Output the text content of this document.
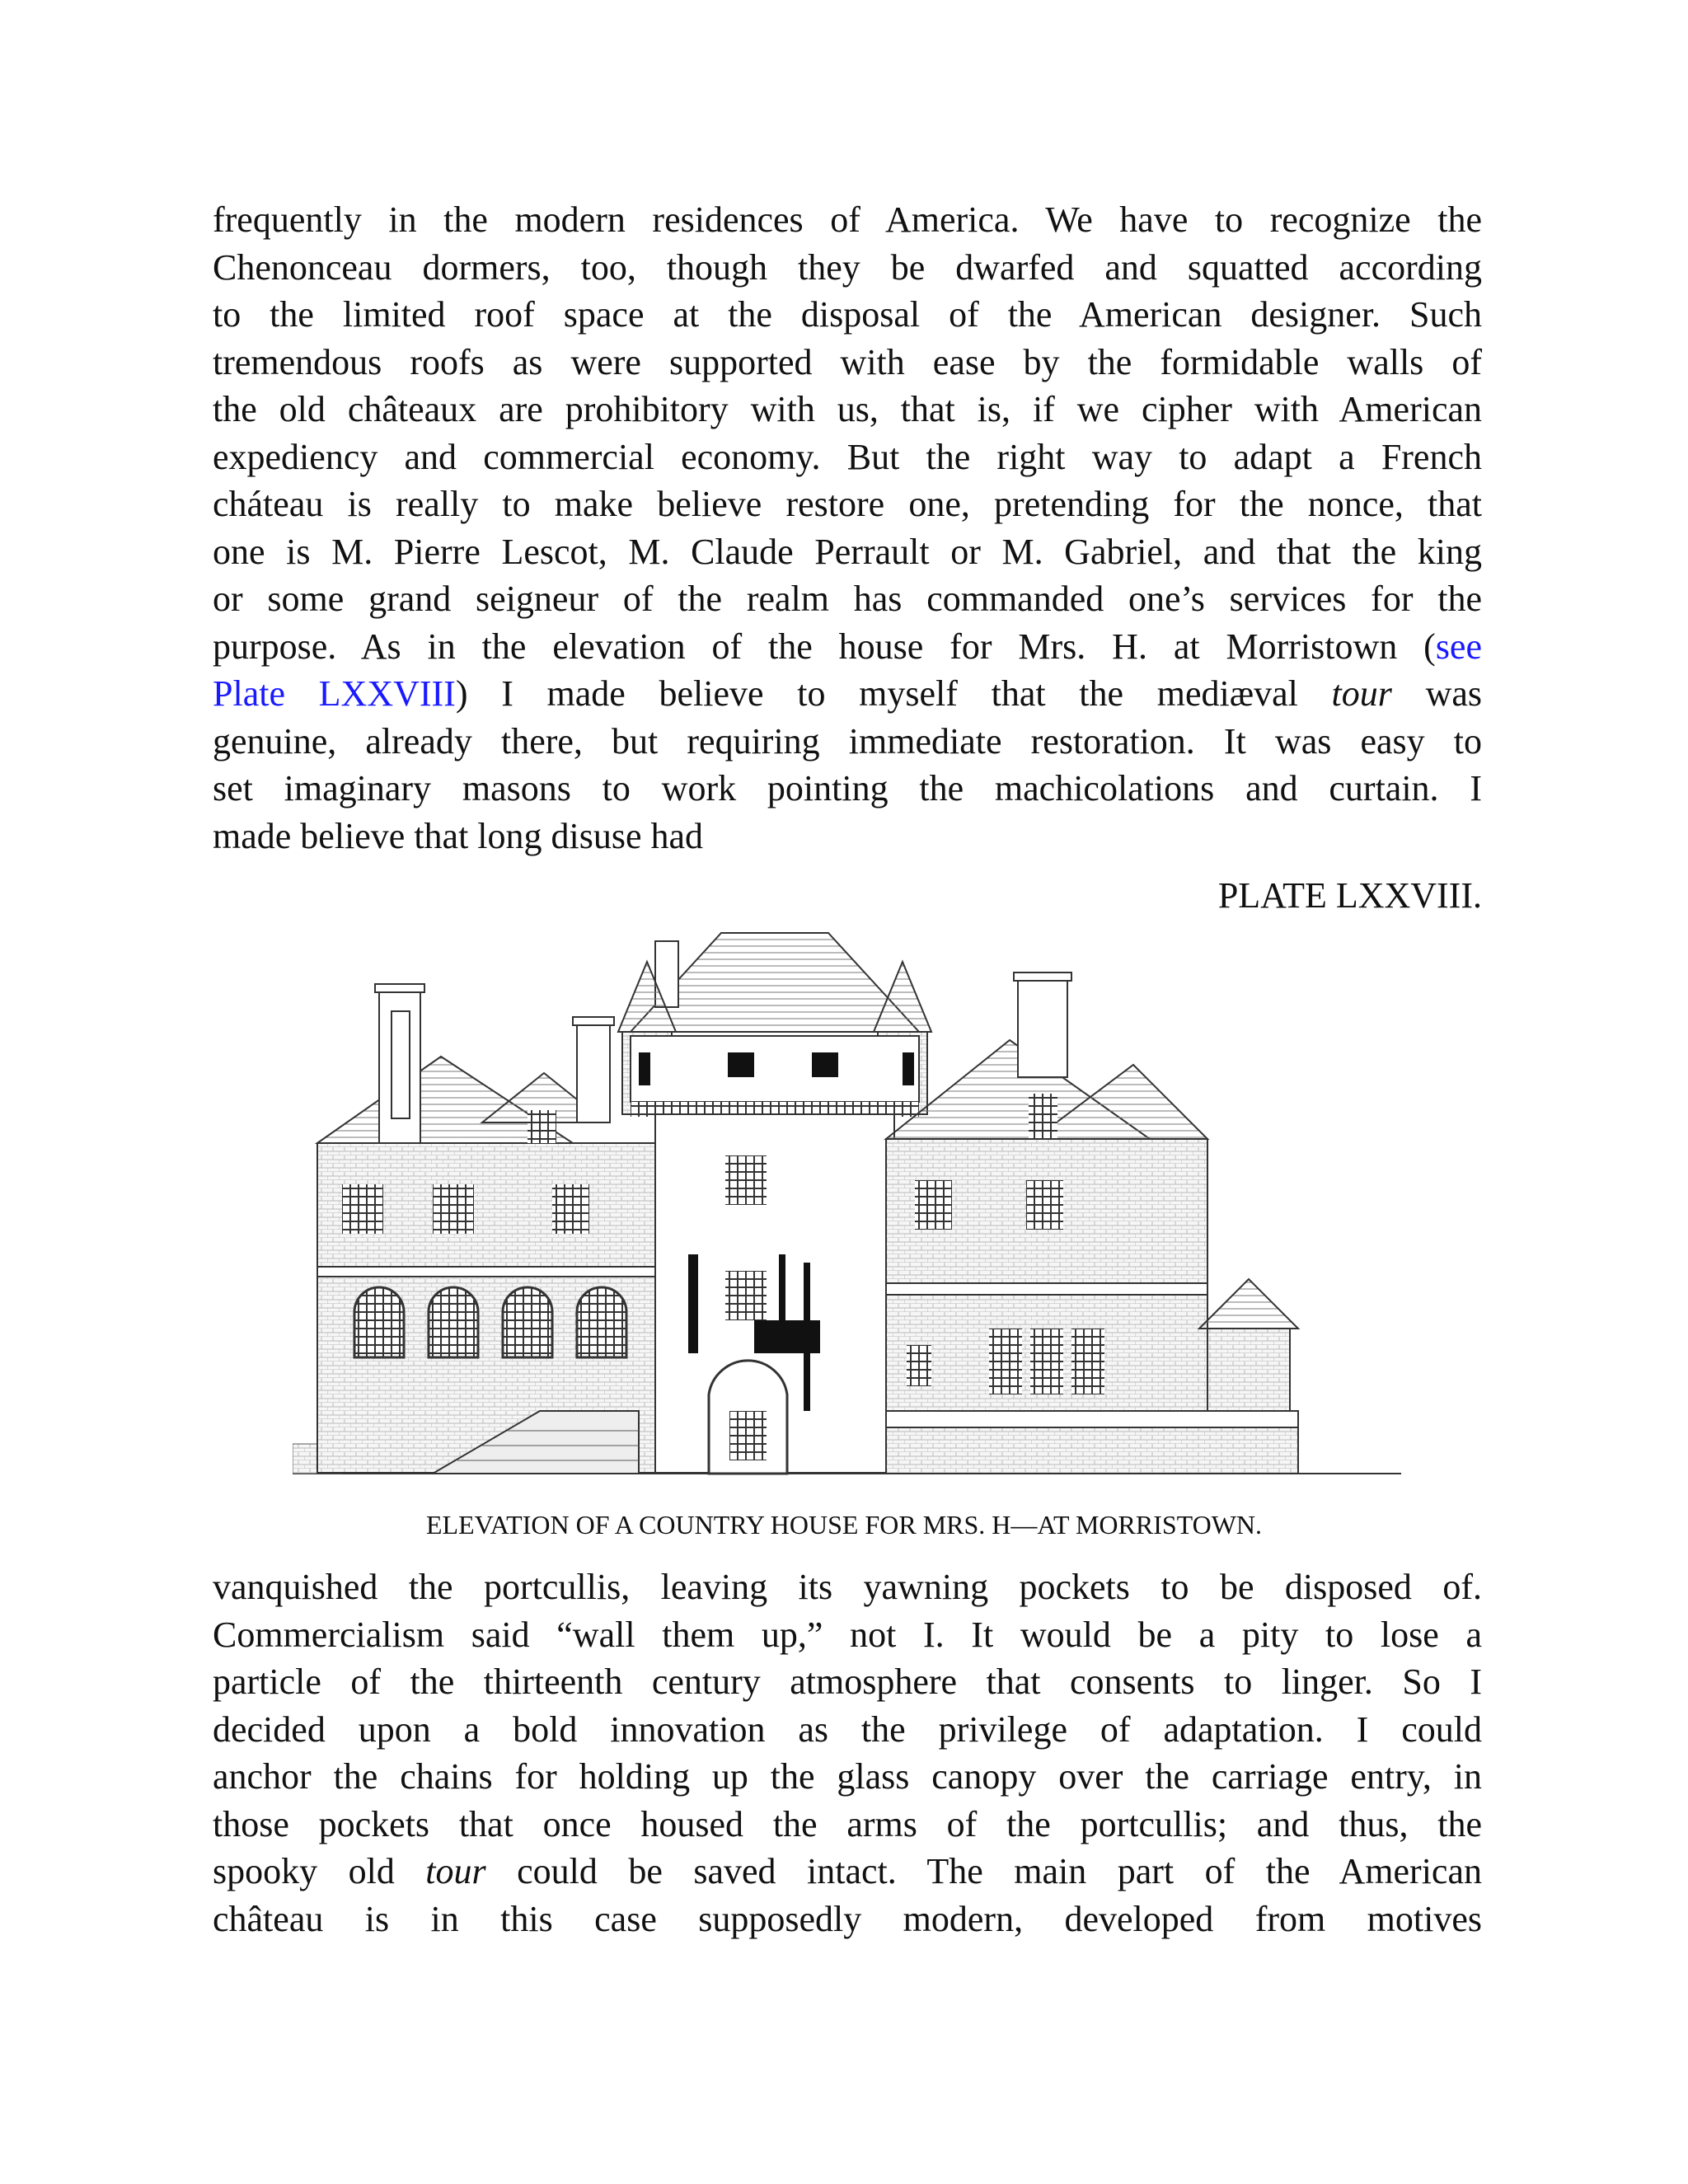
frequently in the modern residences of America. We have to recognize the
Chenonceau dormers, too, though they be dwarfed and squatted according
to the limited roof space at the disposal of the American designer. Such
tremendous roofs as were supported with ease by the formidable walls of
the old châteaux are prohibitory with us, that is, if we cipher with American
expediency and commercial economy. But the right way to adapt a French
cháteau is really to make believe restore one, pretending for the nonce, that
one is M. Pierre Lescot, M. Claude Perrault or M. Gabriel, and that the king
or some grand seigneur of the realm has commanded one’s services for the
purpose. As in the elevation of the house for Mrs. H. at Morristown (see
Plate LXXVIII) I made believe to myself that the mediæval tour was
genuine, already there, but requiring immediate restoration. It was easy to
set imaginary masons to work pointing the machicolations and curtain. I
made believe that long disuse had
PLATE LXXVIII.
ELEVATION OF A COUNTRY HOUSE FOR MRS. H—AT MORRISTOWN.
vanquished the portcullis, leaving its yawning pockets to be disposed of.
Commercialism said “wall them up,” not I. It would be a pity to lose a
particle of the thirteenth century atmosphere that consents to linger. So I
decided upon a bold innovation as the privilege of adaptation. I could
anchor the chains for holding up the glass canopy over the carriage entry, in
those pockets that once housed the arms of the portcullis; and thus, the
spooky old tour could be saved intact. The main part of the American
château is in this case supposedly modern, developed from motives
